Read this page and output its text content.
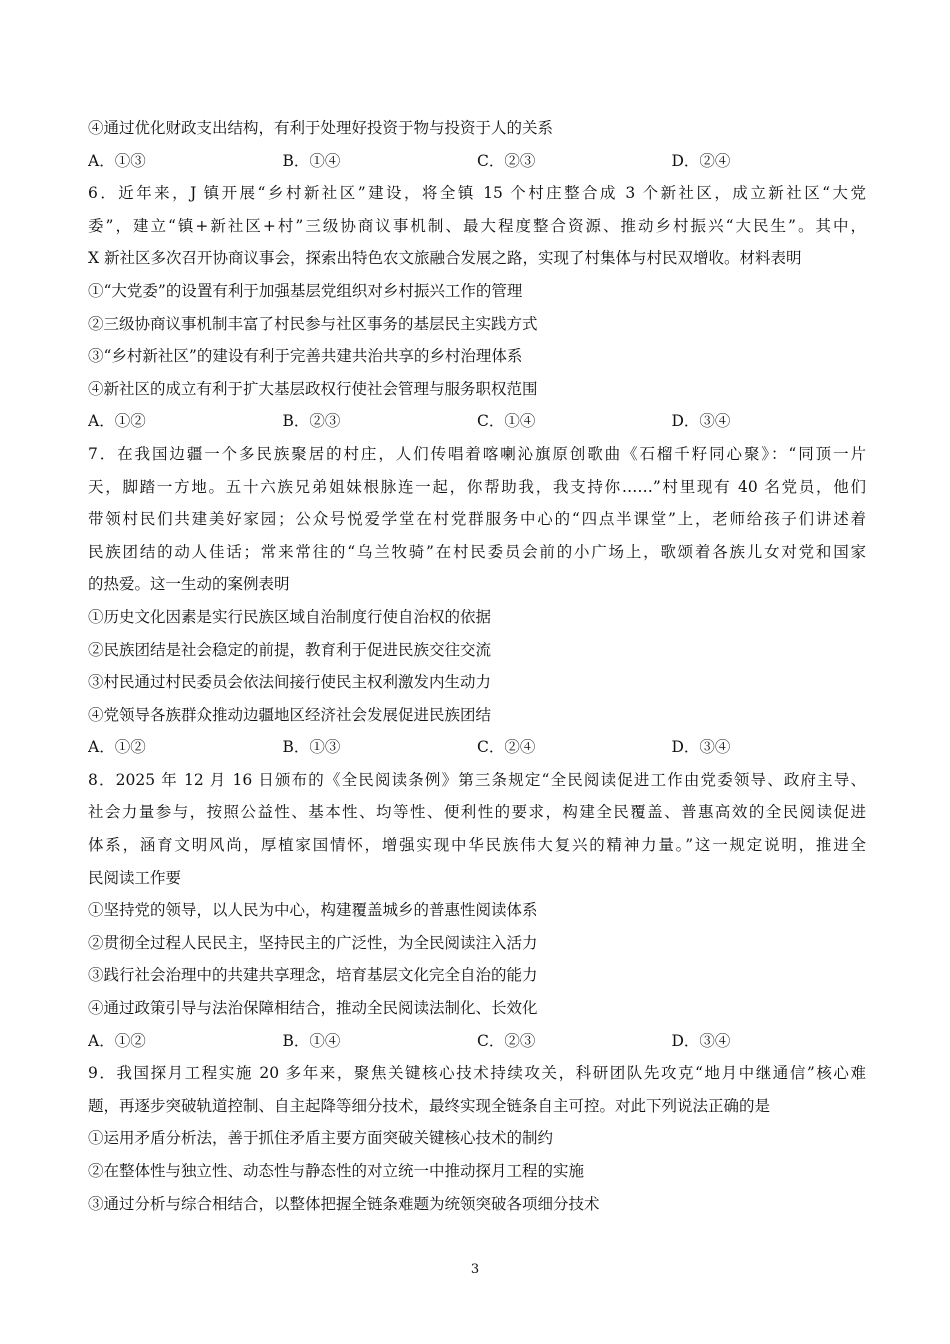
④通过优化财政支出结构，有利于处理好投资于物与投资于人的关系
A．①③	B．①④	C．②③	D．②④
6．近年来，J 镇开展“乡村新社区”建设，将全镇 15 个村庄整合成 3 个新社区，成立新社区“大党
委”，建立“镇+新社区+村”三级协商议事机制、最大程度整合资源、推动乡村振兴“大民生”。其中，
X 新社区多次召开协商议事会，探索出特色农文旅融合发展之路，实现了村集体与村民双增收。材料表明
①“大党委”的设置有利于加强基层党组织对乡村振兴工作的管理
②三级协商议事机制丰富了村民参与社区事务的基层民主实践方式
③“乡村新社区”的建设有利于完善共建共治共享的乡村治理体系
④新社区的成立有利于扩大基层政权行使社会管理与服务职权范围
A．①②	B．②③	C．①④	D．③④
7．在我国边疆一个多民族聚居的村庄，人们传唱着喀喇沁旗原创歌曲《石榴千籽同心聚》：“同顶一片
天，脚踏一方地。五十六族兄弟姐妹根脉连一起，你帮助我，我支持你……”村里现有 40 名党员，他们
带领村民们共建美好家园；公众号悦爱学堂在村党群服务中心的“四点半课堂”上，老师给孩子们讲述着
民族团结的动人佳话；常来常往的“乌兰牧骑”在村民委员会前的小广场上，歌颂着各族儿女对党和国家
的热爱。这一生动的案例表明
①历史文化因素是实行民族区域自治制度行使自治权的依据
②民族团结是社会稳定的前提，教育利于促进民族交往交流
③村民通过村民委员会依法间接行使民主权利激发内生动力
④党领导各族群众推动边疆地区经济社会发展促进民族团结
A．①②	B．①③	C．②④	D．③④
8．2025 年 12 月 16 日颁布的《全民阅读条例》第三条规定“全民阅读促进工作由党委领导、政府主导、
社会力量参与，按照公益性、基本性、均等性、便利性的要求，构建全民覆盖、普惠高效的全民阅读促进
体系，涵育文明风尚，厚植家国情怀，增强实现中华民族伟大复兴的精神力量。”这一规定说明，推进全
民阅读工作要
①坚持党的领导，以人民为中心，构建覆盖城乡的普惠性阅读体系
②贯彻全过程人民民主，坚持民主的广泛性，为全民阅读注入活力
③践行社会治理中的共建共享理念，培育基层文化完全自治的能力
④通过政策引导与法治保障相结合，推动全民阅读法制化、长效化
A．①②	B．①④	C．②③	D．③④
9．我国探月工程实施 20 多年来，聚焦关键核心技术持续攻关，科研团队先攻克“地月中继通信”核心难
题，再逐步突破轨道控制、自主起降等细分技术，最终实现全链条自主可控。对此下列说法正确的是
①运用矛盾分析法，善于抓住矛盾主要方面突破关键核心技术的制约
②在整体性与独立性、动态性与静态性的对立统一中推动探月工程的实施
③通过分析与综合相结合，以整体把握全链条难题为统领突破各项细分技术
3
